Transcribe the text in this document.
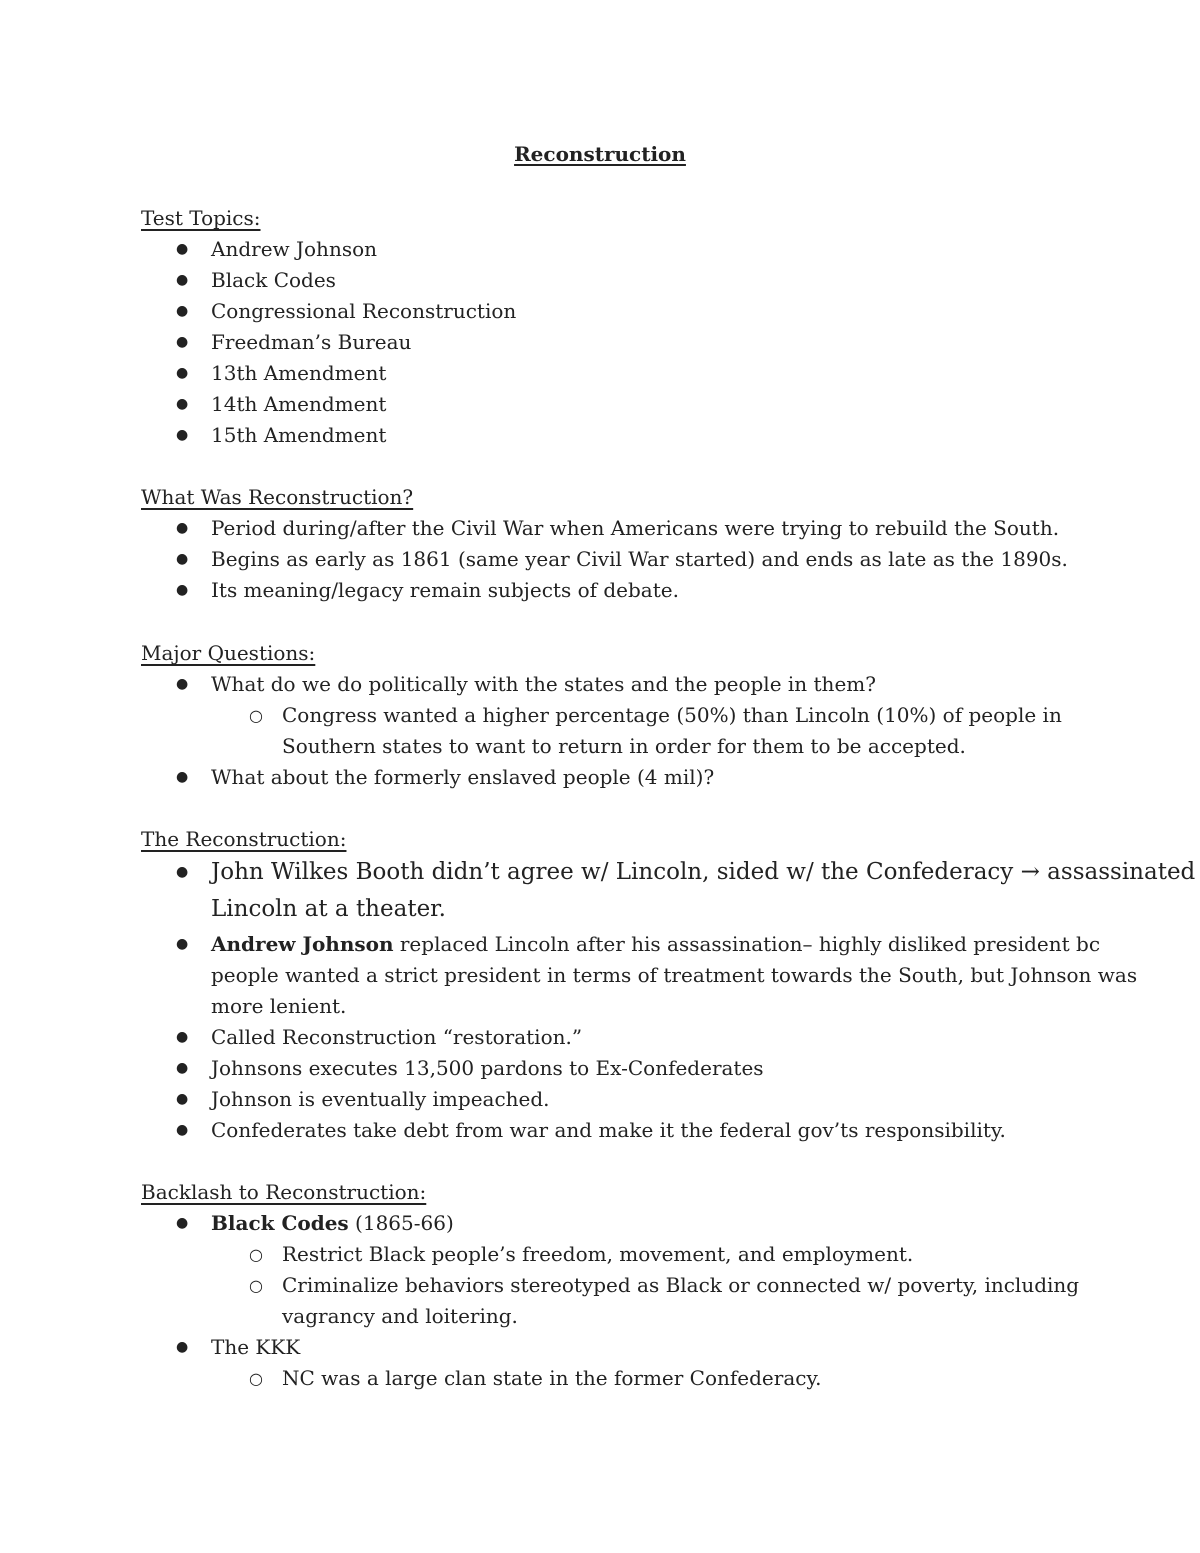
Reconstruction
Test Topics:
● Andrew Johnson
● Black Codes
● Congressional Reconstruction
● Freedman’s Bureau
● 13th Amendment
● 14th Amendment
● 15th Amendment
What Was Reconstruction?
● Period during/after the Civil War when Americans were trying to rebuild the South.
● Begins as early as 1861 (same year Civil War started) and ends as late as the 1890s.
● Its meaning/legacy remain subjects of debate.
Major Questions:
● What do we do politically with the states and the people in them?
○ Congress wanted a higher percentage (50%) than Lincoln (10%) of people in
Southern states to want to return in order for them to be accepted.
● What about the formerly enslaved people (4 mil)?
The Reconstruction:
● John Wilkes Booth didn’t agree w/ Lincoln, sided w/ the Confederacy → assassinated
Lincoln at a theater.
● Andrew Johnson replaced Lincoln after his assassination– highly disliked president bc
people wanted a strict president in terms of treatment towards the South, but Johnson was
more lenient.
● Called Reconstruction “restoration.”
● Johnsons executes 13,500 pardons to Ex-Confederates
● Johnson is eventually impeached.
● Confederates take debt from war and make it the federal gov’ts responsibility.
Backlash to Reconstruction:
● Black Codes (1865-66)
○ Restrict Black people’s freedom, movement, and employment.
○ Criminalize behaviors stereotyped as Black or connected w/ poverty, including
vagrancy and loitering.
● The KKK
○ NC was a large clan state in the former Confederacy.
